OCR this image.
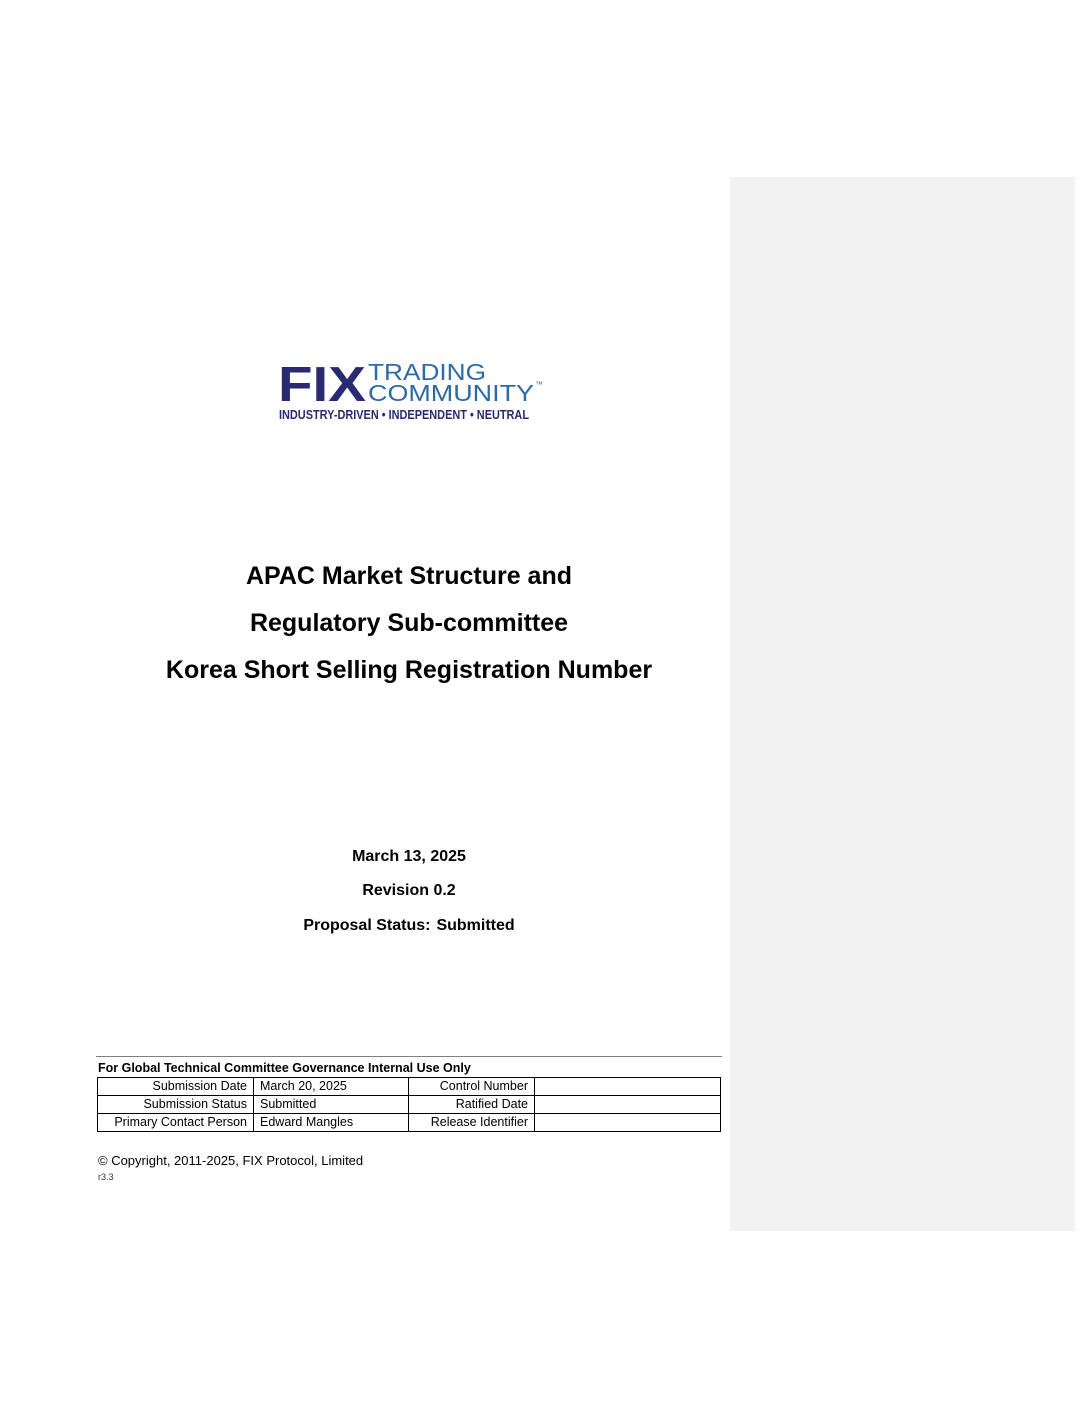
FIX TRADING
COMMUNITY ™
INDUSTRY-DRIVEN • INDEPENDENT • NEUTRAL
APAC Market Structure and
Regulatory Sub-committee
Korea Short Selling Registration Number

March 13, 2025

Revision 0.2

Proposal Status: Submitted

For Global Technical Committee Governance Internal Use Only
Submission Date	March 20, 2025	Control Number	
Submission Status	Submitted	Ratified Date	
Primary Contact Person	Edward Mangles	Release Identifier	
© Copyright, 2011-2025, FIX Protocol, Limited
r3.3
